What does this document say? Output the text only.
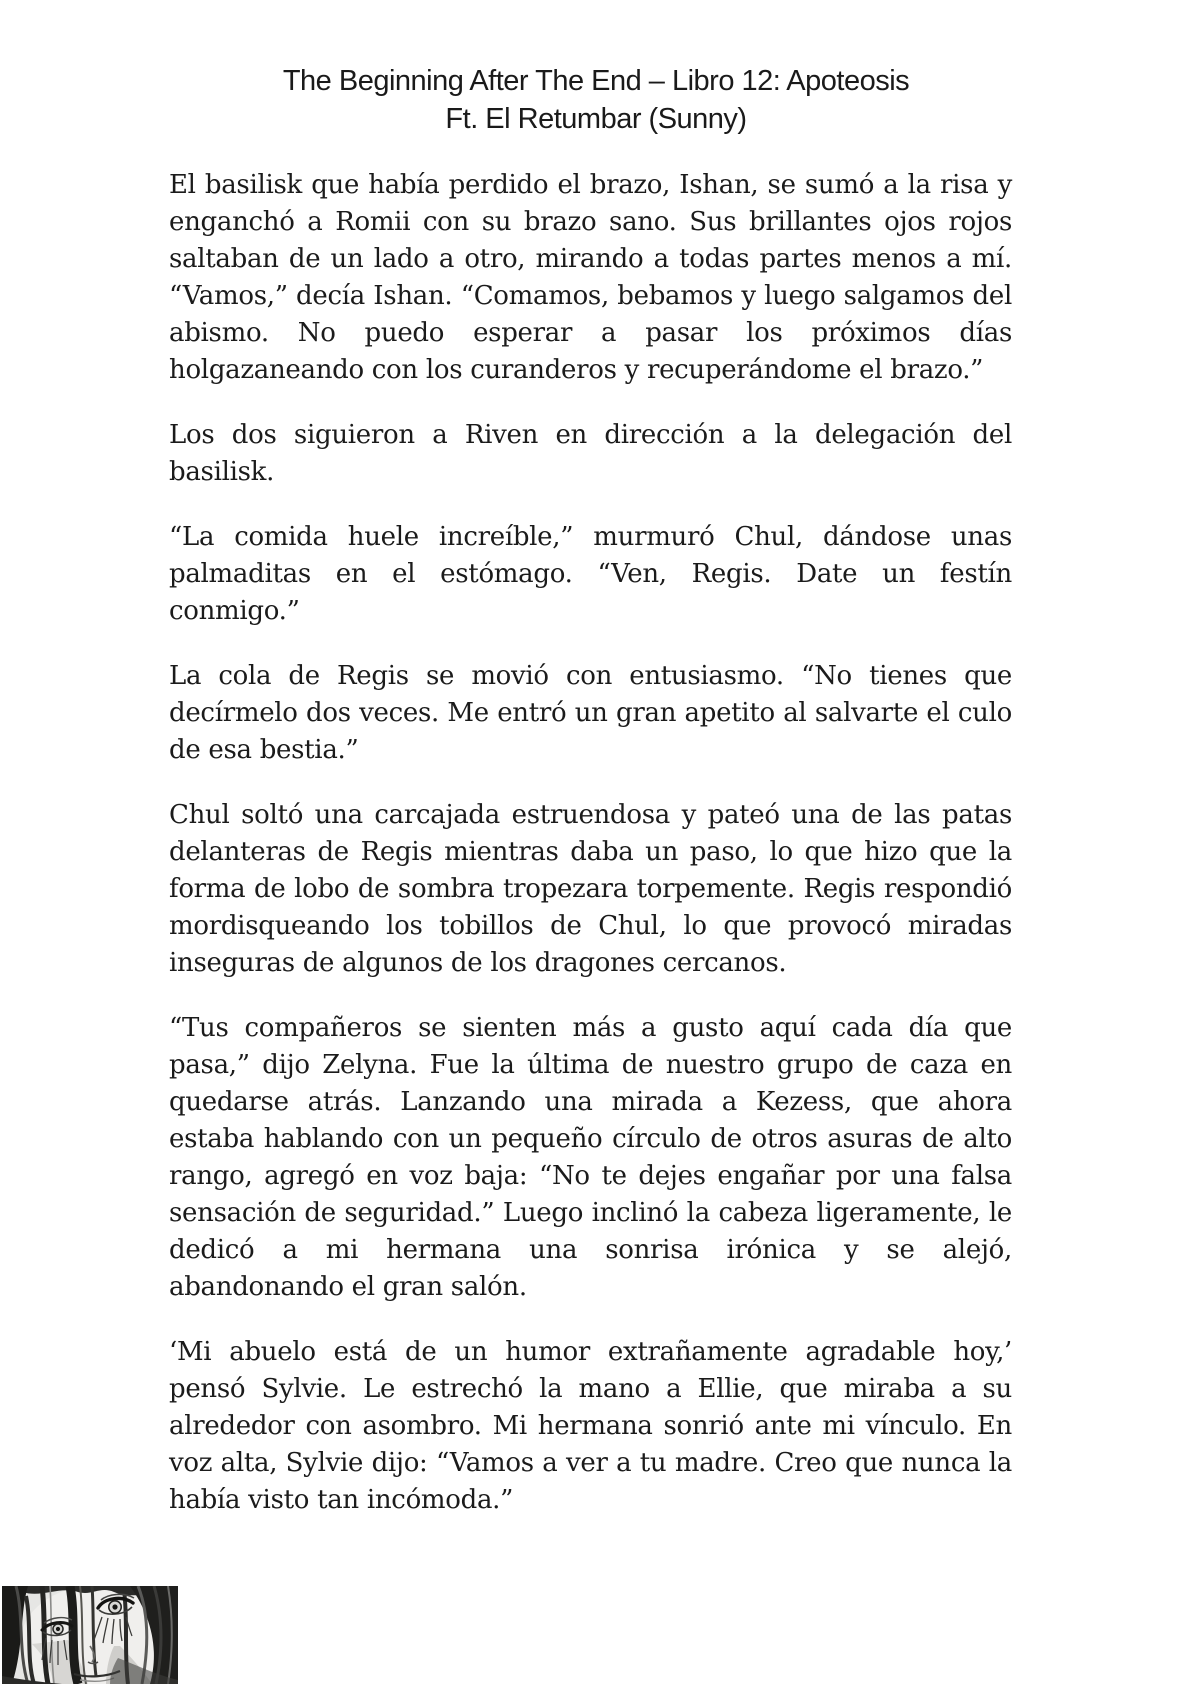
The Beginning After The End – Libro 12: Apoteosis
Ft. El Retumbar (Sunny)

El basilisk que había perdido el brazo, Ishan, se sumó a la risa y enganchó a Romii con su brazo sano. Sus brillantes ojos rojos saltaban de un lado a otro, mirando a todas partes menos a mí. “Vamos,” decía Ishan. “Comamos, bebamos y luego salgamos del abismo. No puedo esperar a pasar los próximos días holgazaneando con los curanderos y recuperándome el brazo.”

Los dos siguieron a Riven en dirección a la delegación del basilisk.

“La comida huele increíble,” murmuró Chul, dándose unas palmaditas en el estómago. “Ven, Regis. Date un festín conmigo.”

La cola de Regis se movió con entusiasmo. “No tienes que decírmelo dos veces. Me entró un gran apetito al salvarte el culo de esa bestia.”

Chul soltó una carcajada estruendosa y pateó una de las patas delanteras de Regis mientras daba un paso, lo que hizo que la forma de lobo de sombra tropezara torpemente. Regis respondió mordisqueando los tobillos de Chul, lo que provocó miradas inseguras de algunos de los dragones cercanos.

“Tus compañeros se sienten más a gusto aquí cada día que pasa,” dijo Zelyna. Fue la última de nuestro grupo de caza en quedarse atrás. Lanzando una mirada a Kezess, que ahora estaba hablando con un pequeño círculo de otros asuras de alto rango, agregó en voz baja: “No te dejes engañar por una falsa sensación de seguridad.” Luego inclinó la cabeza ligeramente, le dedicó a mi hermana una sonrisa irónica y se alejó, abandonando el gran salón.

‘Mi abuelo está de un humor extrañamente agradable hoy,’ pensó Sylvie. Le estrechó la mano a Ellie, que miraba a su alrededor con asombro. Mi hermana sonrió ante mi vínculo. En voz alta, Sylvie dijo: “Vamos a ver a tu madre. Creo que nunca la había visto tan incómoda.”
